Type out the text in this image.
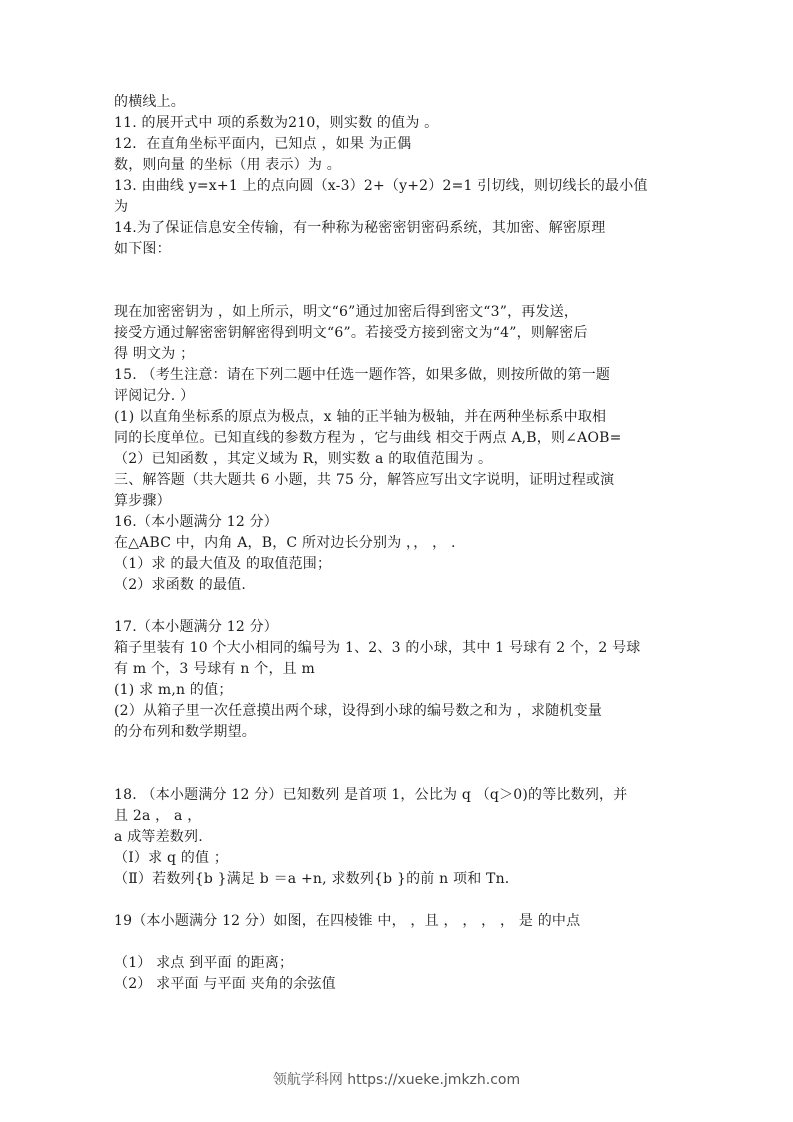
的横线上。
11. 的展开式中 项的系数为210，则实数 的值为 。
12．在直角坐标平面内，已知点 ，如果 为正偶
数，则向量 的坐标（用 表示）为 。
13. 由曲线 y=x+1 上的点向圆（x-3）2+（y+2）2=1 引切线，则切线长的最小值
为
14.为了保证信息安全传输，有一种称为秘密密钥密码系统，其加密、解密原理
如下图：
现在加密密钥为 ，如上所示，明文“6”通过加密后得到密文“3”，再发送，
接受方通过解密密钥解密得到明文“6”。若接受方接到密文为“4”，则解密后
得 明文为 ；
15. （考生注意：请在下列二题中任选一题作答，如果多做，则按所做的第一题
评阅记分. ）
(1) 以直角坐标系的原点为极点，x 轴的正半轴为极轴，并在两种坐标系中取相
同的长度单位。已知直线的参数方程为 ，它与曲线 相交于两点 A,B，则∠AOB=
（2）已知函数 ，其定义域为 R，则实数 a 的取值范围为 。
三、解答题（共大题共 6 小题，共 75 分，解答应写出文字说明，证明过程或演
算步骤）
16.（本小题满分 12 分）
在△ABC 中，内角 A，B，C 所对边长分别为 ，， ， .
（1）求 的最大值及 的取值范围；
（2）求函数 的最值.
17.（本小题满分 12 分）
箱子里装有 10 个大小相同的编号为 1、2、3 的小球，其中 1 号球有 2 个，2 号球
有 m 个，3 号球有 n 个，且 m
(1) 求 m,n 的值；
(2）从箱子里一次任意摸出两个球，设得到小球的编号数之和为 ，求随机变量
的分布列和数学期望。
18. （本小题满分 12 分）已知数列 是首项 1，公比为 q （q＞0)的等比数列，并
且 2a ， a ，
a 成等差数列.
（Ⅰ）求 q 的值 ；
（Ⅱ）若数列{b }满足 b ＝a +n, 求数列{b }的前 n 项和 Tn.
19（本小题满分 12 分）如图，在四棱锥 中， ，且 ， ， ， ， 是 的中点
（1） 求点 到平面 的距离；
（2） 求平面 与平面 夹角的余弦值
领航学科网 https://xueke.jmkzh.com
